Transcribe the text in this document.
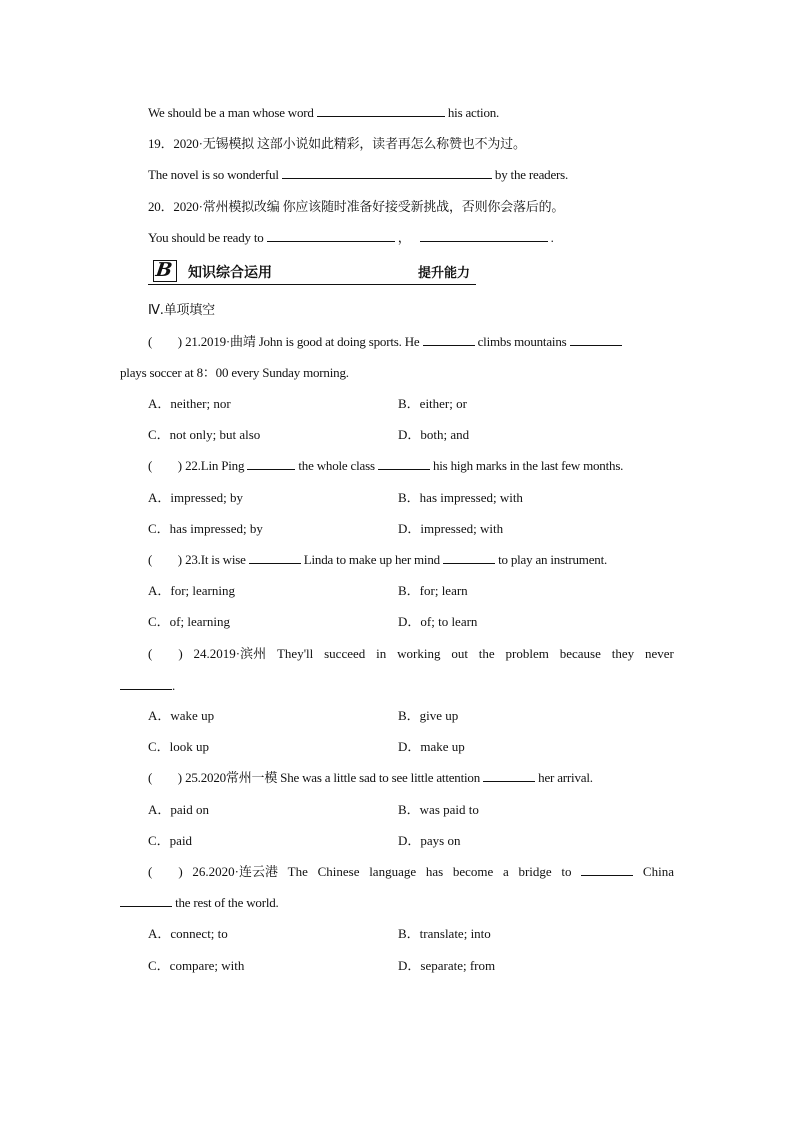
We should be a man whose word	his action.
19．2020·无锡模拟 这部小说如此精彩，读者再怎么称赞也不为过。
The novel is so wonderful	by the readers.
20．2020·常州模拟改编 你应该随时准备好接受新挑战，否则你会落后的。
You should be ready to	，	.
B 知识综合运用	提升能力
Ⅳ.单项填空
(　　) 21.2019·曲靖 John is good at doing sports. He	climbs mountains
plays soccer at 8：00 every Sunday morning.
A．neither; nor	B．either; or
C．not only; but also	D．both; and
(　　) 22.Lin Ping	the whole class	his high marks in the last few months.
A．impressed; by	B．has impressed; with
C．has impressed; by	D．impressed; with
(　　) 23.It is wise	Linda to make up her mind	to play an instrument.
A．for; learning	B．for; learn
C．of; learning	D．of; to learn
(　　) 24.2019·滨州 They'll succeed in working out the problem because they never
.
A．wake up	B．give up
C．look up	D．make up
(　　) 25.2020常州一模 She was a little sad to see little attention	her arrival.
A．paid on	B．was paid to
C．paid	D．pays on
(　　) 26.2020·连云港 The Chinese language has become a bridge to	China
the rest of the world.
A．connect; to	B．translate; into
C．compare; with	D．separate; from
